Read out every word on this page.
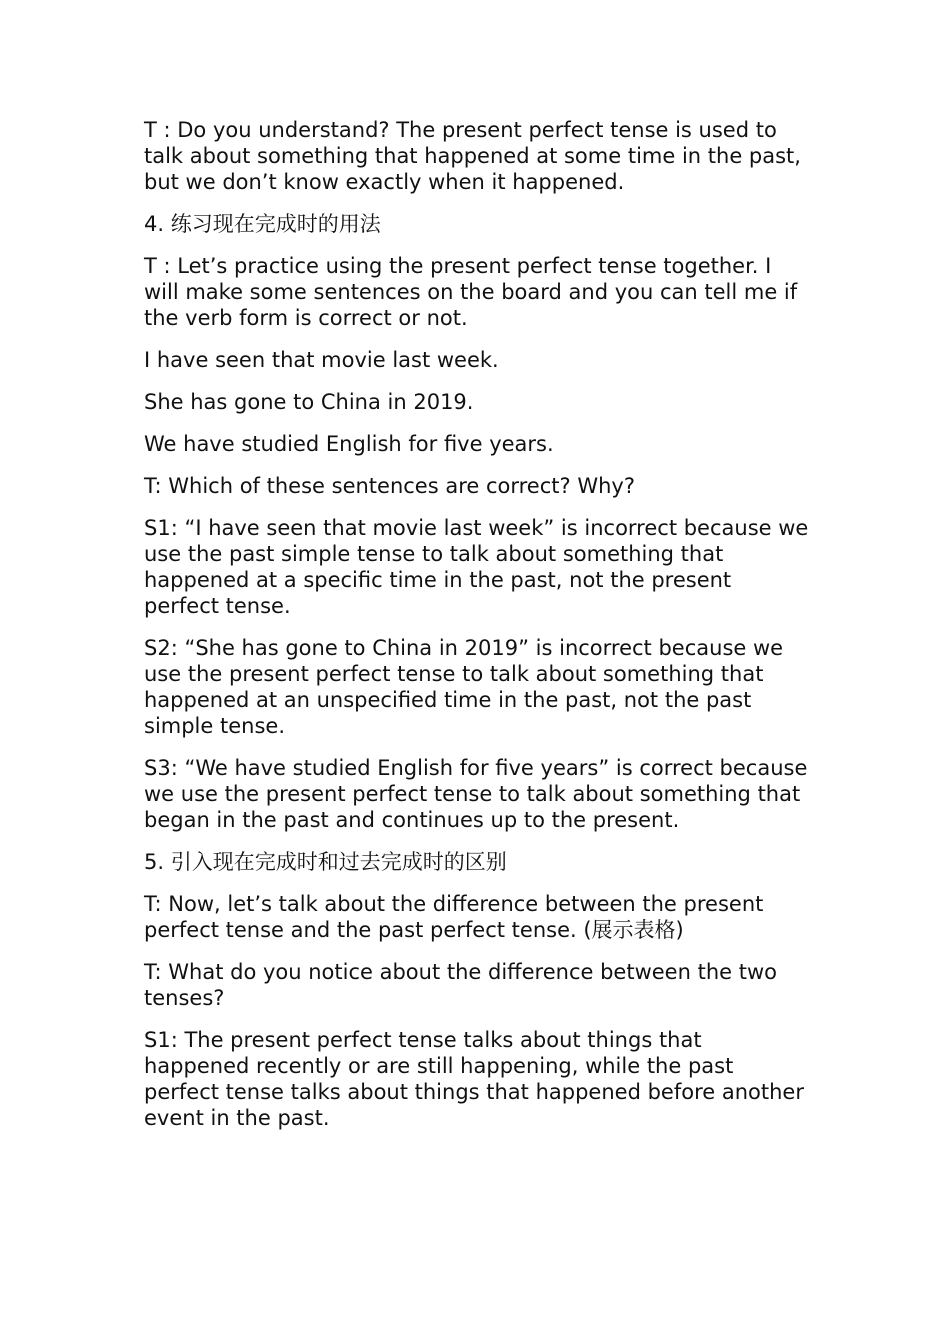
T : Do you understand? The present perfect tense is used to talk about something that happened at some time in the past, but we don’t know exactly when it happened.

4. 练习现在完成时的用法

T : Let’s practice using the present perfect tense together. I will make some sentences on the board and you can tell me if the verb form is correct or not.

I have seen that movie last week.

She has gone to China in 2019.

We have studied English for five years.

T: Which of these sentences are correct? Why?

S1: “I have seen that movie last week” is incorrect because we use the past simple tense to talk about something that happened at a specific time in the past, not the present perfect tense.

S2: “She has gone to China in 2019” is incorrect because we use the present perfect tense to talk about something that happened at an unspecified time in the past, not the past simple tense.

S3: “We have studied English for five years” is correct because we use the present perfect tense to talk about something that began in the past and continues up to the present.

5. 引入现在完成时和过去完成时的区别

T: Now, let’s talk about the difference between the present perfect tense and the past perfect tense. (展示表格)

T: What do you notice about the difference between the two tenses?

S1: The present perfect tense talks about things that happened recently or are still happening, while the past perfect tense talks about things that happened before another event in the past.
